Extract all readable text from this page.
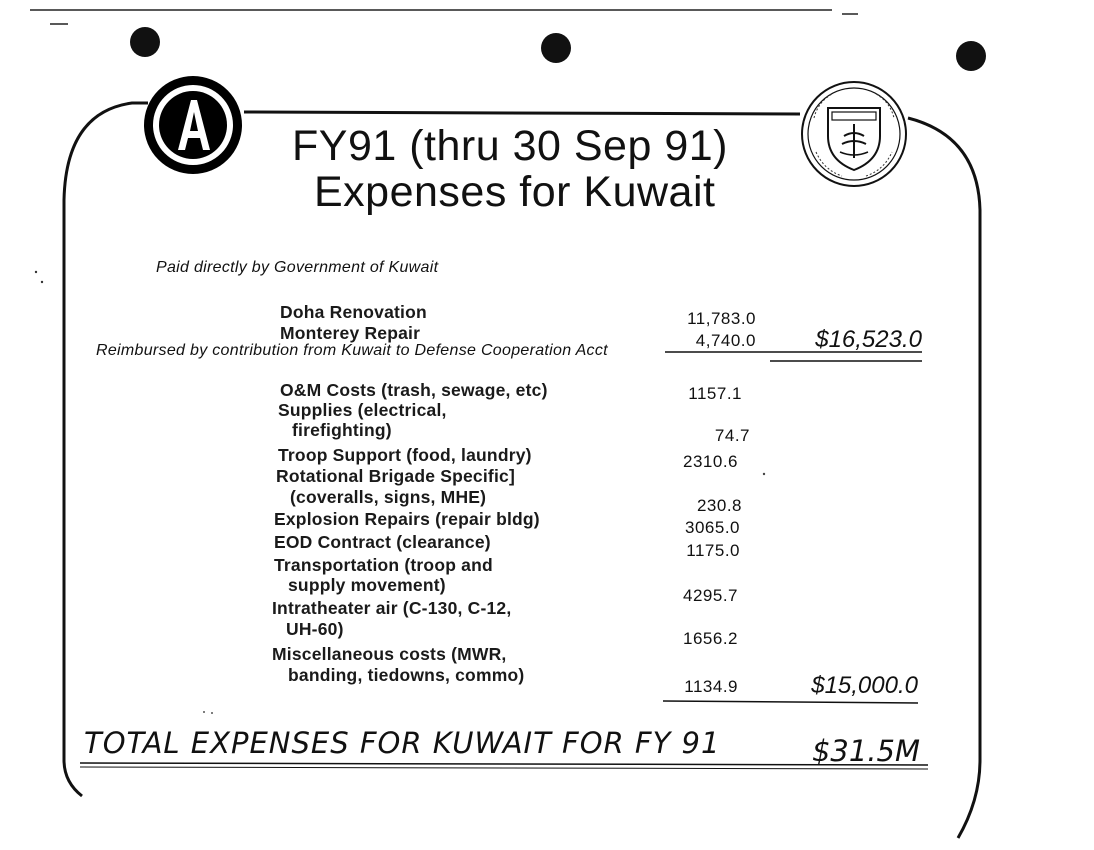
FY91 (thru 30 Sep 91)
Expenses for Kuwait
Paid directly by Government of Kuwait
Doha Renovation	11,783.0
Monterey Repair	4,740.0	$16,523.0
Reimbursed by contribution from Kuwait to Defense Cooperation Acct
O&M Costs (trash, sewage, etc)	1157.1
Supplies (electrical,
firefighting)	74.7
Troop Support (food, laundry)	2310.6
Rotational Brigade Specific]
(coveralls, signs, MHE)	230.8
Explosion Repairs (repair bldg)	3065.0
EOD Contract (clearance)	1175.0
Transportation (troop and
supply movement)
4295.7
Intratheater air (C-130, C-12,
UH-60)	1656.2
Miscellaneous costs (MWR,
banding, tiedowns, commo)
1134.9	$15,000.0
TOTAL EXPENSES FOR KUWAIT FOR FY 91	$31.5M
